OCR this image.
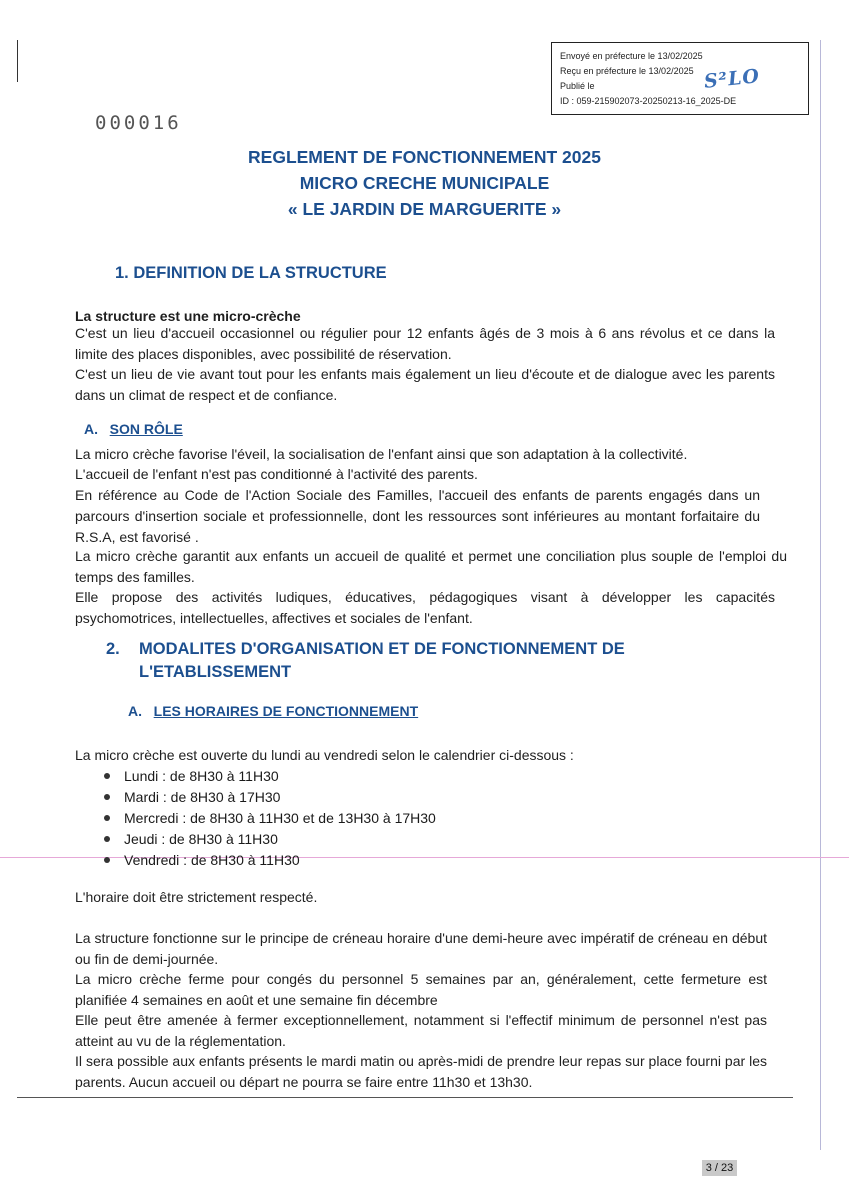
Envoyé en préfecture le 13/02/2025
Reçu en préfecture le 13/02/2025
Publié le
ID : 059-215902073-20250213-16_2025-DE
S²LO
000016
REGLEMENT DE FONCTIONNEMENT 2025
MICRO CRECHE MUNICIPALE
« LE JARDIN DE MARGUERITE »
1. DEFINITION DE LA STRUCTURE
La structure est une micro-crèche
C'est un lieu d'accueil occasionnel ou régulier pour 12 enfants âgés de 3 mois à 6 ans révolus et ce dans la limite des places disponibles, avec possibilité de réservation.
C'est un lieu de vie avant tout pour les enfants mais également un lieu d'écoute et de dialogue avec les parents dans un climat de respect et de confiance.
A. SON RÔLE
La micro crèche favorise l'éveil, la socialisation de l'enfant ainsi que son adaptation à la collectivité.
L'accueil de l'enfant n'est pas conditionné à l'activité des parents.
En référence au Code de l'Action Sociale des Familles, l'accueil des enfants de parents engagés dans un parcours d'insertion sociale et professionnelle, dont les ressources sont inférieures au montant forfaitaire du R.S.A, est favorisé .
La micro crèche garantit aux enfants un accueil de qualité et permet une conciliation plus souple de l'emploi du temps des familles.
Elle propose des activités ludiques, éducatives, pédagogiques visant à développer les capacités psychomotrices, intellectuelles, affectives et sociales de l'enfant.
2. MODALITES D'ORGANISATION ET DE FONCTIONNEMENT DE
L'ETABLISSEMENT
A. LES HORAIRES DE FONCTIONNEMENT
La micro crèche est ouverte du lundi au vendredi selon le calendrier ci-dessous :
Lundi : de 8H30 à 11H30
Mardi : de 8H30 à 17H30
Mercredi : de 8H30 à 11H30 et de 13H30 à 17H30
Jeudi : de 8H30 à 11H30
Vendredi : de 8H30 à 11H30
L'horaire doit être strictement respecté.
La structure fonctionne sur le principe de créneau horaire d'une demi-heure avec impératif de créneau en début ou fin de demi-journée.
La micro crèche ferme pour congés du personnel 5 semaines par an, généralement, cette fermeture est planifiée 4 semaines en août et une semaine fin décembre
Elle peut être amenée à fermer exceptionnellement, notamment si l'effectif minimum de personnel n'est pas atteint au vu de la réglementation.
Il sera possible aux enfants présents le mardi matin ou après-midi de prendre leur repas sur place fourni par les parents. Aucun accueil ou départ ne pourra se faire entre 11h30 et 13h30.
3 / 23
